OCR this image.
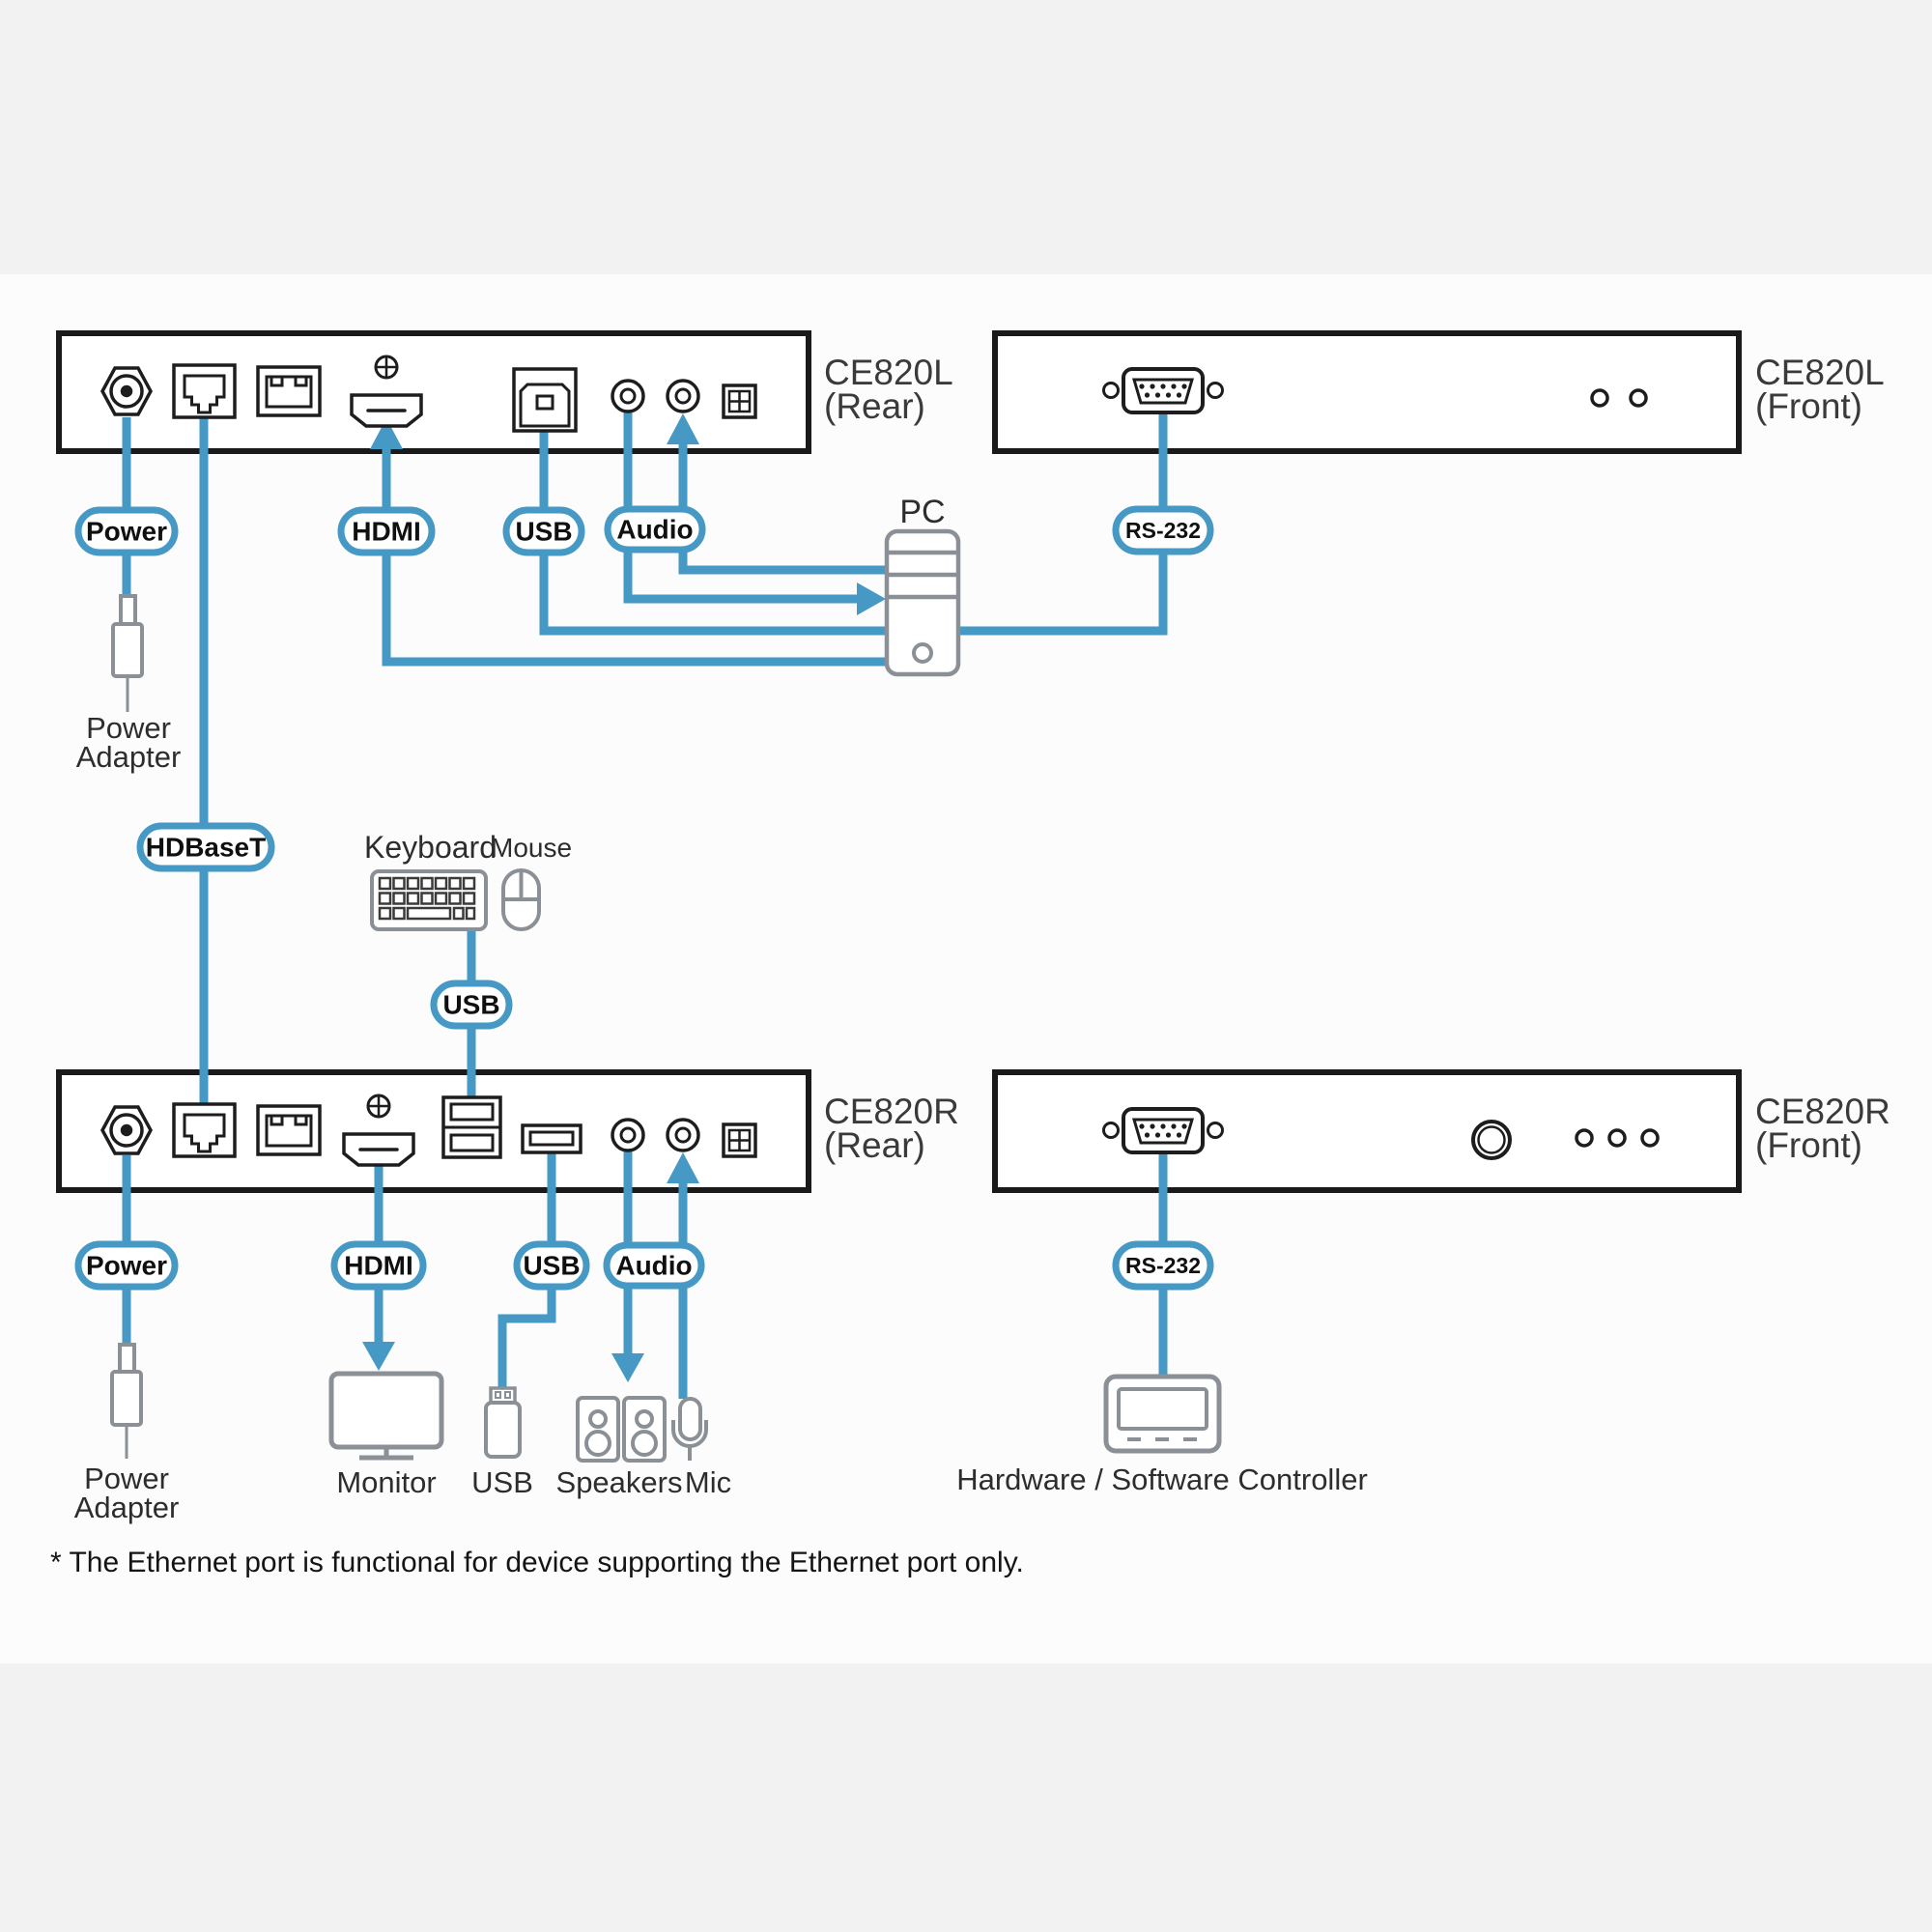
Power	HDMI	USB Audio	RS-232
HDBaseT
USB
Power	HDMI	USB Audio	RS-232
CE820L
(Rear)
CE820L
(Front)
CE820R
(Rear)
CE820R
(Front)
PC
Keyboard
Mouse
Power
Adapter
Power
Adapter
Monitor USB Speakers Mic	Hardware / Software Controller
* The Ethernet port is functional for device supporting the Ethernet port only.
